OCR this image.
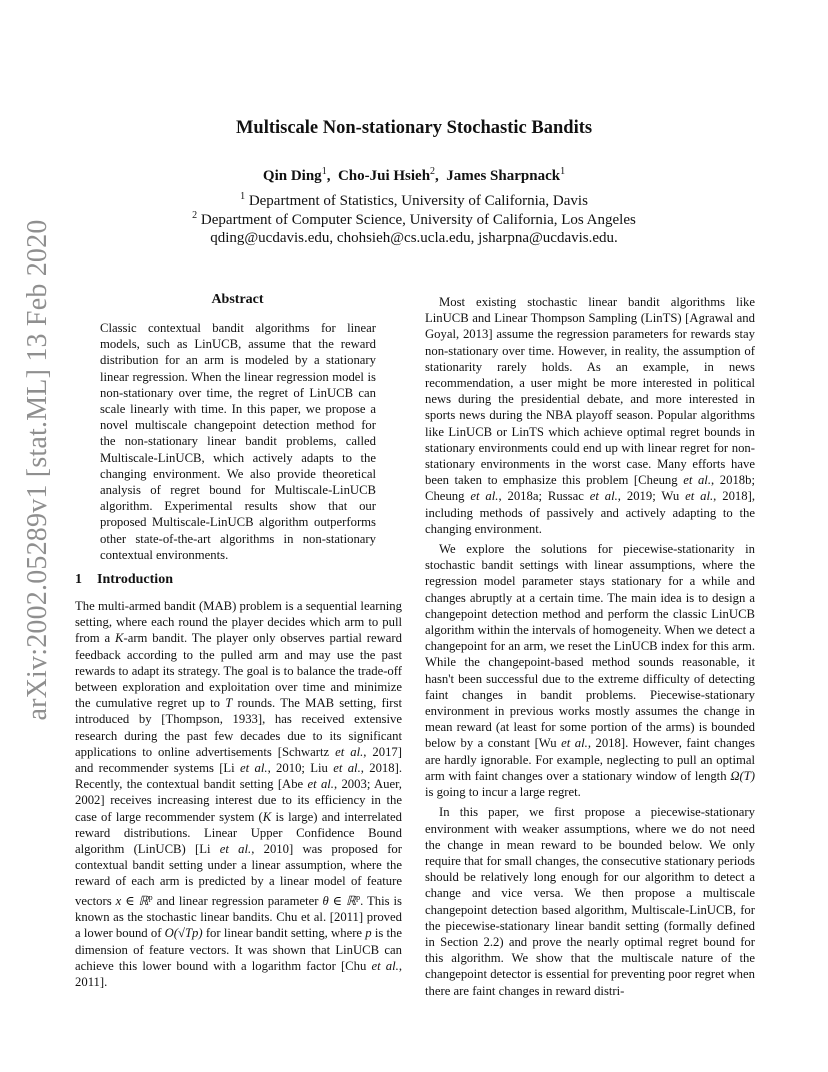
arXiv:2002.05289v1 [stat.ML] 13 Feb 2020
Multiscale Non-stationary Stochastic Bandits
Qin Ding$^1$,  Cho-Jui Hsieh$^2$,  James Sharpnack$^1$
$^1$ Department of Statistics, University of California, Davis
$^2$ Department of Computer Science, University of California, Los Angeles
qding@ucdavis.edu, chohsieh@cs.ucla.edu, jsharpna@ucdavis.edu.
Abstract
Classic contextual bandit algorithms for linear models, such as LinUCB, assume that the reward distribution for an arm is modeled by a stationary linear regression. When the linear regression model is non-stationary over time, the regret of LinUCB can scale linearly with time. In this paper, we propose a novel multiscale changepoint detection method for the non-stationary linear bandit problems, called Multiscale-LinUCB, which actively adapts to the changing environment. We also provide theoretical analysis of regret bound for Multiscale-LinUCB algorithm. Experimental results show that our proposed Multiscale-LinUCB algorithm outperforms other state-of-the-art algorithms in non-stationary contextual environments.
1 Introduction

The multi-armed bandit (MAB) problem is a sequential learning setting, where each round the player decides which arm to pull from a K-arm bandit. The player only observes partial reward feedback according to the pulled arm and may use the past rewards to adapt its strategy. The goal is to balance the trade-off between exploration and exploitation over time and minimize the cumulative regret up to T rounds. The MAB setting, first introduced by [Thompson, 1933], has received extensive research during the past few decades due to its significant applications to online advertisements [Schwartz et al., 2017] and recommender systems [Li et al., 2010; Liu et al., 2018]. Recently, the contextual bandit setting [Abe et al., 2003; Auer, 2002] receives increasing interest due to its efficiency in the case of large recommender system (K is large) and interrelated reward distributions. Linear Upper Confidence Bound algorithm (LinUCB) [Li et al., 2010] was proposed for contextual bandit setting under a linear assumption, where the reward of each arm is predicted by a linear model of feature vectors x ∈ ℝ$^p$ and linear regression parameter θ ∈ ℝ$^p$. This is known as the stochastic linear bandits. Chu et al. [2011] proved a lower bound of O(√Tp) for linear bandit setting, where p is the dimension of feature vectors. It was shown that LinUCB can achieve this lower bound with a logarithm factor [Chu et al., 2011].

Most existing stochastic linear bandit algorithms like LinUCB and Linear Thompson Sampling (LinTS) [Agrawal and Goyal, 2013] assume the regression parameters for rewards stay non-stationary over time. However, in reality, the assumption of stationarity rarely holds. As an example, in news recommendation, a user might be more interested in political news during the presidential debate, and more interested in sports news during the NBA playoff season. Popular algorithms like LinUCB or LinTS which achieve optimal regret bounds in stationary environments could end up with linear regret for non-stationary environments in the worst case. Many efforts have been taken to emphasize this problem [Cheung et al., 2018b; Cheung et al., 2018a; Russac et al., 2019; Wu et al., 2018], including methods of passively and actively adapting to the changing environment.

We explore the solutions for piecewise-stationarity in stochastic bandit settings with linear assumptions, where the regression model parameter stays stationary for a while and changes abruptly at a certain time. The main idea is to design a changepoint detection method and perform the classic LinUCB algorithm within the intervals of homogeneity. When we detect a changepoint for an arm, we reset the LinUCB index for this arm. While the changepoint-based method sounds reasonable, it hasn't been successful due to the extreme difficulty of detecting faint changes in bandit problems. Piecewise-stationary environment in previous works mostly assumes the change in mean reward (at least for some portion of the arms) is bounded below by a constant [Wu et al., 2018]. However, faint changes are hardly ignorable. For example, neglecting to pull an optimal arm with faint changes over a stationary window of length Ω(T) is going to incur a large regret.

In this paper, we first propose a piecewise-stationary environment with weaker assumptions, where we do not need the change in mean reward to be bounded below. We only require that for small changes, the consecutive stationary periods should be relatively long enough for our algorithm to detect a change and vice versa. We then propose a multiscale changepoint detection based algorithm, Multiscale-LinUCB, for the piecewise-stationary linear bandit setting (formally defined in Section 2.2) and prove the nearly optimal regret bound for this algorithm. We show that the multiscale nature of the changepoint detector is essential for preventing poor regret when there are faint changes in reward distri-
